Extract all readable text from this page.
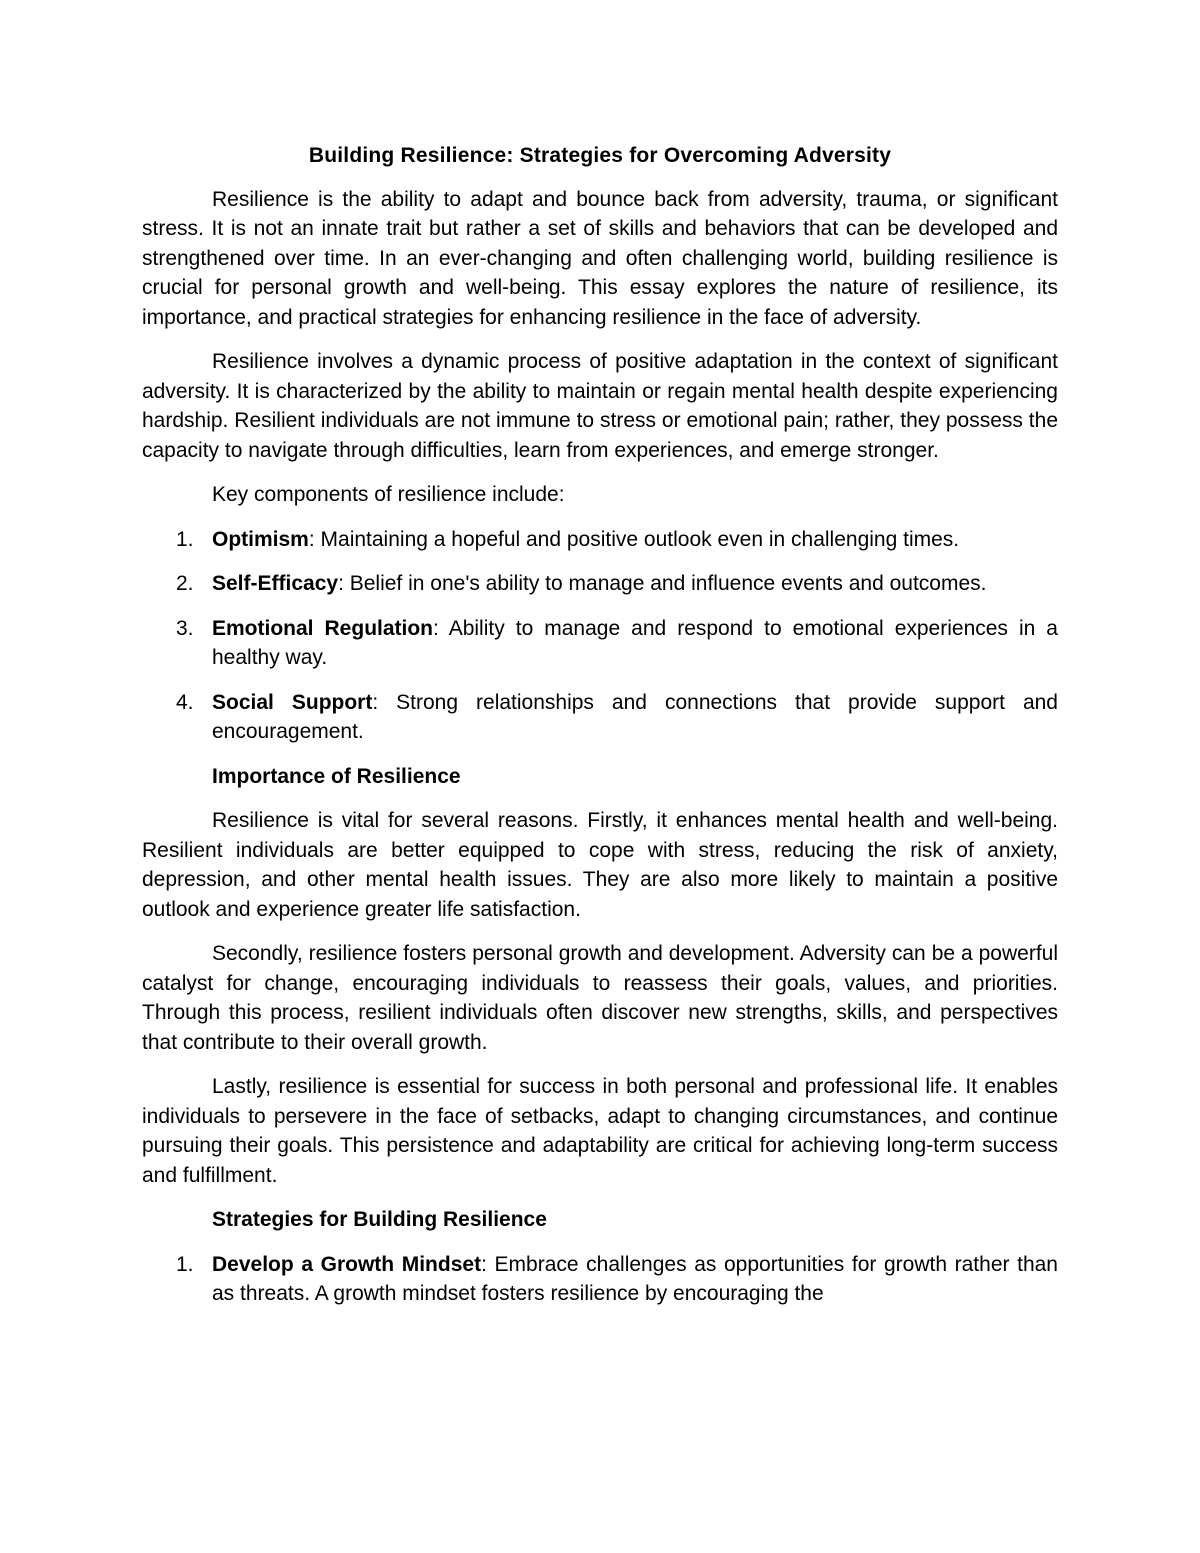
Building Resilience: Strategies for Overcoming Adversity

Resilience is the ability to adapt and bounce back from adversity, trauma, or significant stress. It is not an innate trait but rather a set of skills and behaviors that can be developed and strengthened over time. In an ever-changing and often challenging world, building resilience is crucial for personal growth and well-being. This essay explores the nature of resilience, its importance, and practical strategies for enhancing resilience in the face of adversity.

Resilience involves a dynamic process of positive adaptation in the context of significant adversity. It is characterized by the ability to maintain or regain mental health despite experiencing hardship. Resilient individuals are not immune to stress or emotional pain; rather, they possess the capacity to navigate through difficulties, learn from experiences, and emerge stronger.

Key components of resilience include:

1. Optimism: Maintaining a hopeful and positive outlook even in challenging times.
2. Self-Efficacy: Belief in one's ability to manage and influence events and outcomes.
3. Emotional Regulation: Ability to manage and respond to emotional experiences in a healthy way.
4. Social Support: Strong relationships and connections that provide support and encouragement.
Importance of Resilience

Resilience is vital for several reasons. Firstly, it enhances mental health and well-being. Resilient individuals are better equipped to cope with stress, reducing the risk of anxiety, depression, and other mental health issues. They are also more likely to maintain a positive outlook and experience greater life satisfaction.

Secondly, resilience fosters personal growth and development. Adversity can be a powerful catalyst for change, encouraging individuals to reassess their goals, values, and priorities. Through this process, resilient individuals often discover new strengths, skills, and perspectives that contribute to their overall growth.

Lastly, resilience is essential for success in both personal and professional life. It enables individuals to persevere in the face of setbacks, adapt to changing circumstances, and continue pursuing their goals. This persistence and adaptability are critical for achieving long-term success and fulfillment.

Strategies for Building Resilience
1. Develop a Growth Mindset: Embrace challenges as opportunities for growth rather than as threats. A growth mindset fosters resilience by encouraging the
